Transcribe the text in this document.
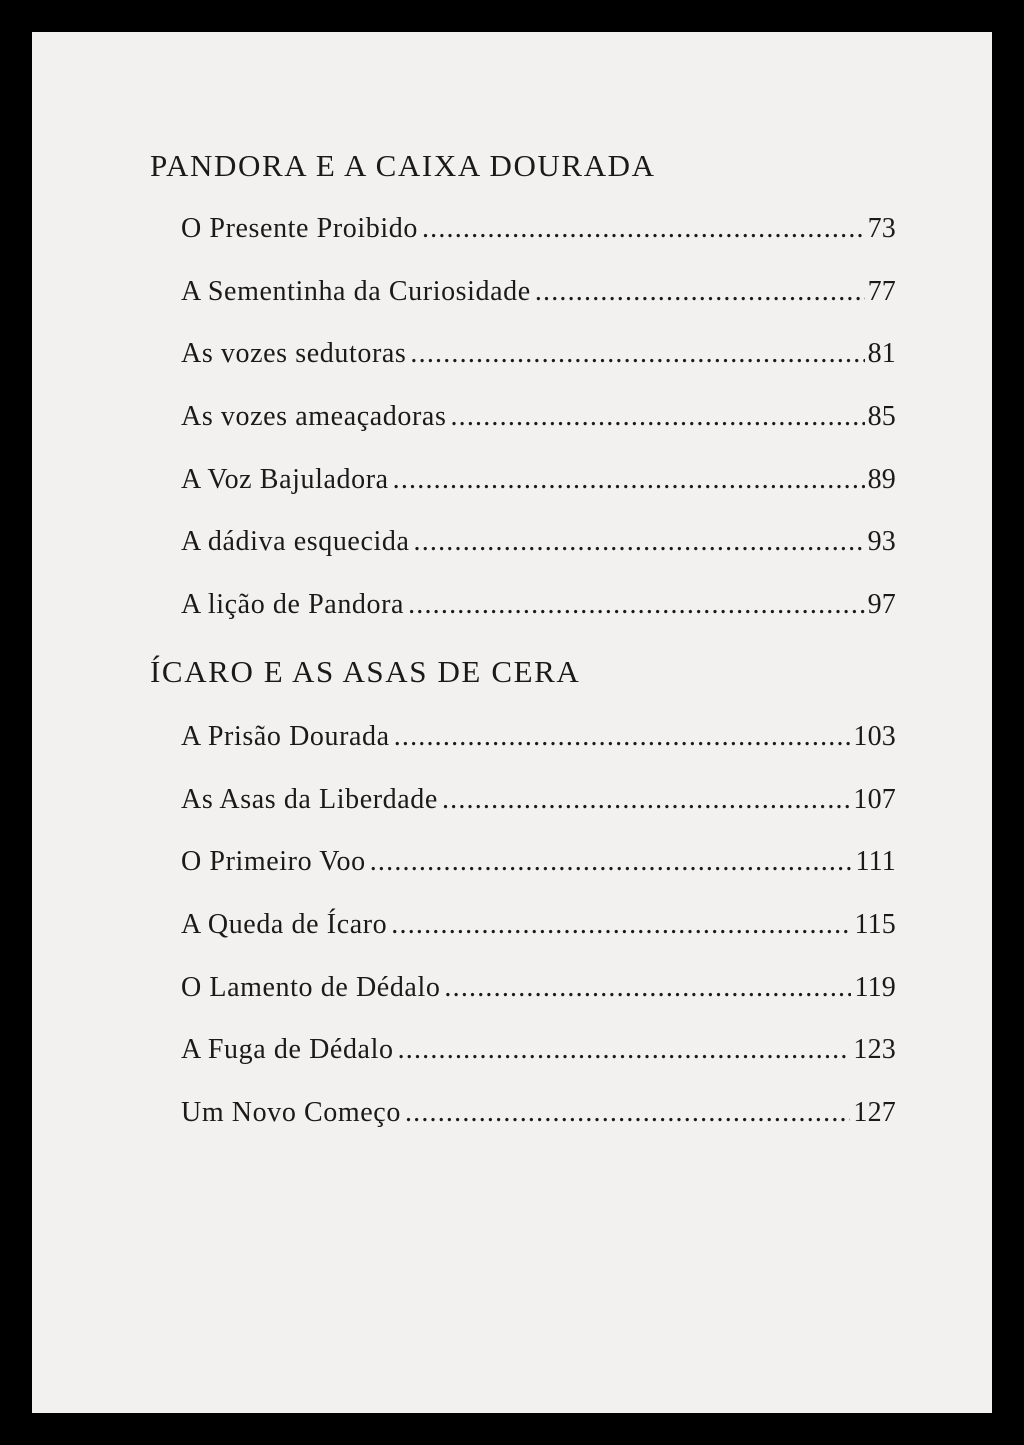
PANDORA E A CAIXA DOURADA
O Presente Proibido .....	73
A Sementinha da Curiosidade .....	77
As vozes sedutoras .....	81
As vozes ameaçadoras .....	85
A Voz Bajuladora .....	89
A dádiva esquecida .....	93
A lição de Pandora .....	97
ÍCARO E AS ASAS DE CERA
A Prisão Dourada .....	103
As Asas da Liberdade .....	107
O Primeiro Voo .....	111
A Queda de Ícaro .....	115
O Lamento de Dédalo .....	119
A Fuga de Dédalo .....	123
Um Novo Começo .....	127
